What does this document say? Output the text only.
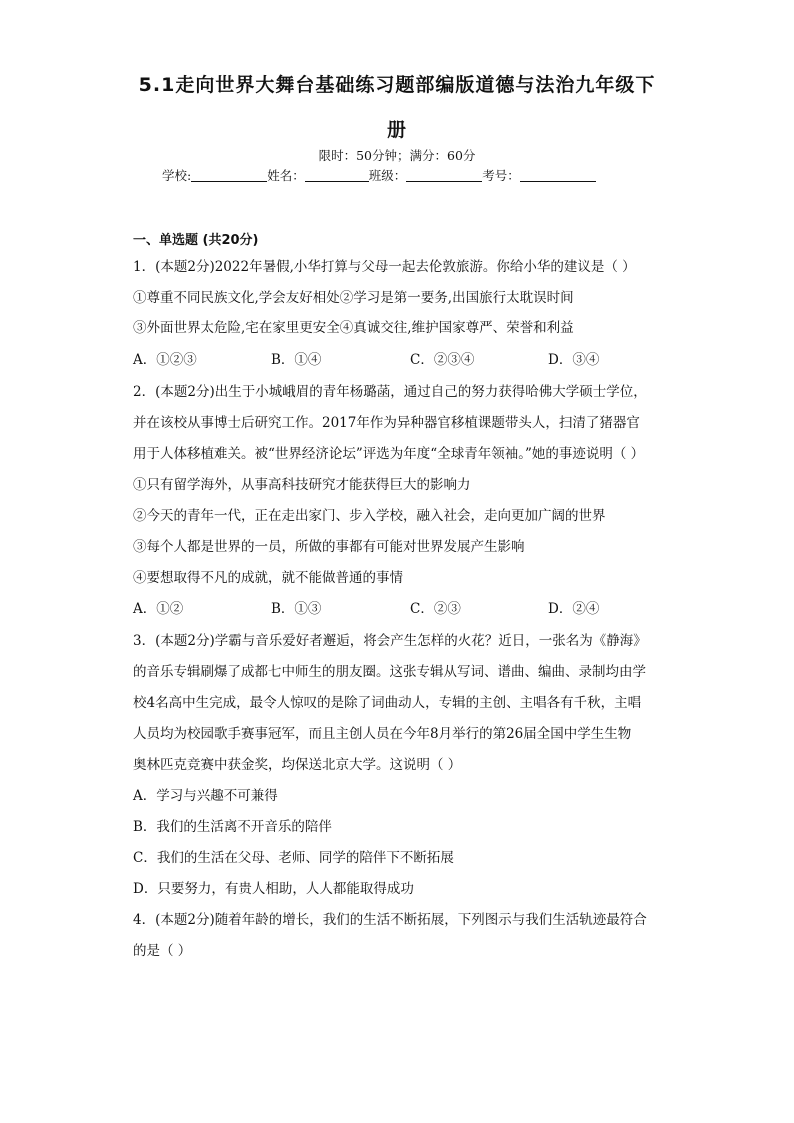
5.1走向世界大舞台基础练习题部编版道德与法治九年级下
册
限时：50分钟；满分：60分
学校:	姓名：	班级：	考号：
一、单选题 (共20分)
1．(本题2分)2022年暑假,小华打算与父母一起去伦敦旅游。你给小华的建议是（ ）
①尊重不同民族文化,学会友好相处②学习是第一要务,出国旅行太耽误时间
③外面世界太危险,宅在家里更安全④真诚交往,维护国家尊严、荣誉和利益
A．①②③	B．①④	C．②③④	D．③④
2．(本题2分)出生于小城峨眉的青年杨璐菡，通过自己的努力获得哈佛大学硕士学位，
并在该校从事博士后研究工作。2017年作为异种器官移植课题带头人，扫清了猪器官
用于人体移植难关。被“世界经济论坛”评选为年度“全球青年领袖。”她的事迹说明（ ）
①只有留学海外，从事高科技研究才能获得巨大的影响力
②今天的青年一代，正在走出家门、步入学校，融入社会，走向更加广阔的世界
③每个人都是世界的一员，所做的事都有可能对世界发展产生影响
④要想取得不凡的成就，就不能做普通的事情
A．①②	B．①③	C．②③	D．②④
3．(本题2分)学霸与音乐爱好者邂逅，将会产生怎样的火花？近日，一张名为《静海》
的音乐专辑刷爆了成都七中师生的朋友圈。这张专辑从写词、谱曲、编曲、录制均由学
校4名高中生完成，最令人惊叹的是除了词曲动人，专辑的主创、主唱各有千秋，主唱
人员均为校园歌手赛事冠军，而且主创人员在今年8月举行的第26届全国中学生生物
奥林匹克竞赛中获金奖，均保送北京大学。这说明（ ）
A．学习与兴趣不可兼得
B．我们的生活离不开音乐的陪伴
C．我们的生活在父母、老师、同学的陪伴下不断拓展
D．只要努力，有贵人相助，人人都能取得成功
4．(本题2分)随着年龄的增长，我们的生活不断拓展，下列图示与我们生活轨迹最符合
的是（ ）
